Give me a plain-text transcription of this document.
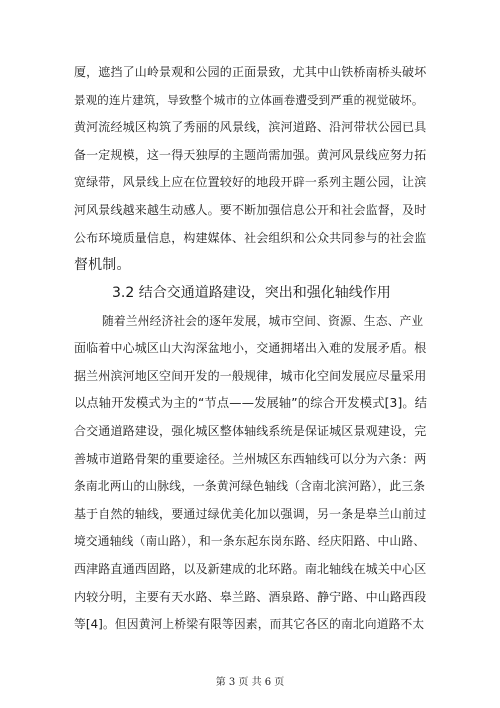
厦，遮挡了山岭景观和公园的正面景致，尤其中山铁桥南桥头破坏
景观的连片建筑，导致整个城市的立体画卷遭受到严重的视觉破坏。
黄河流经城区构筑了秀丽的风景线，滨河道路、沿河带状公园已具
备一定规模，这一得天独厚的主题尚需加强。黄河风景线应努力拓
宽绿带，风景线上应在位置较好的地段开辟一系列主题公园，让滨
河风景线越来越生动感人。要不断加强信息公开和社会监督，及时
公布环境质量信息，构建媒体、社会组织和公众共同参与的社会监
督机制。
3.2 结合交通道路建设，突出和强化轴线作用
随着兰州经济社会的逐年发展，城市空间、资源、生态、产业
面临着中心城区山大沟深盆地小，交通拥堵出入难的发展矛盾。根
据兰州滨河地区空间开发的一般规律，城市化空间发展应尽量采用
以点轴开发模式为主的“节点——发展轴”的综合开发模式[3]。结
合交通道路建设，强化城区整体轴线系统是保证城区景观建设，完
善城市道路骨架的重要途径。兰州城区东西轴线可以分为六条：两
条南北两山的山脉线，一条黄河绿色轴线（含南北滨河路），此三条
基于自然的轴线，要通过绿优美化加以强调，另一条是皋兰山前过
境交通轴线（南山路），和一条东起东岗东路、经庆阳路、中山路、
西津路直通西固路，以及新建成的北环路。南北轴线在城关中心区
内较分明，主要有天水路、皋兰路、酒泉路、静宁路、中山路西段
等[4]。但因黄河上桥梁有限等因素，而其它各区的南北向道路不太
第 3 页 共 6 页
